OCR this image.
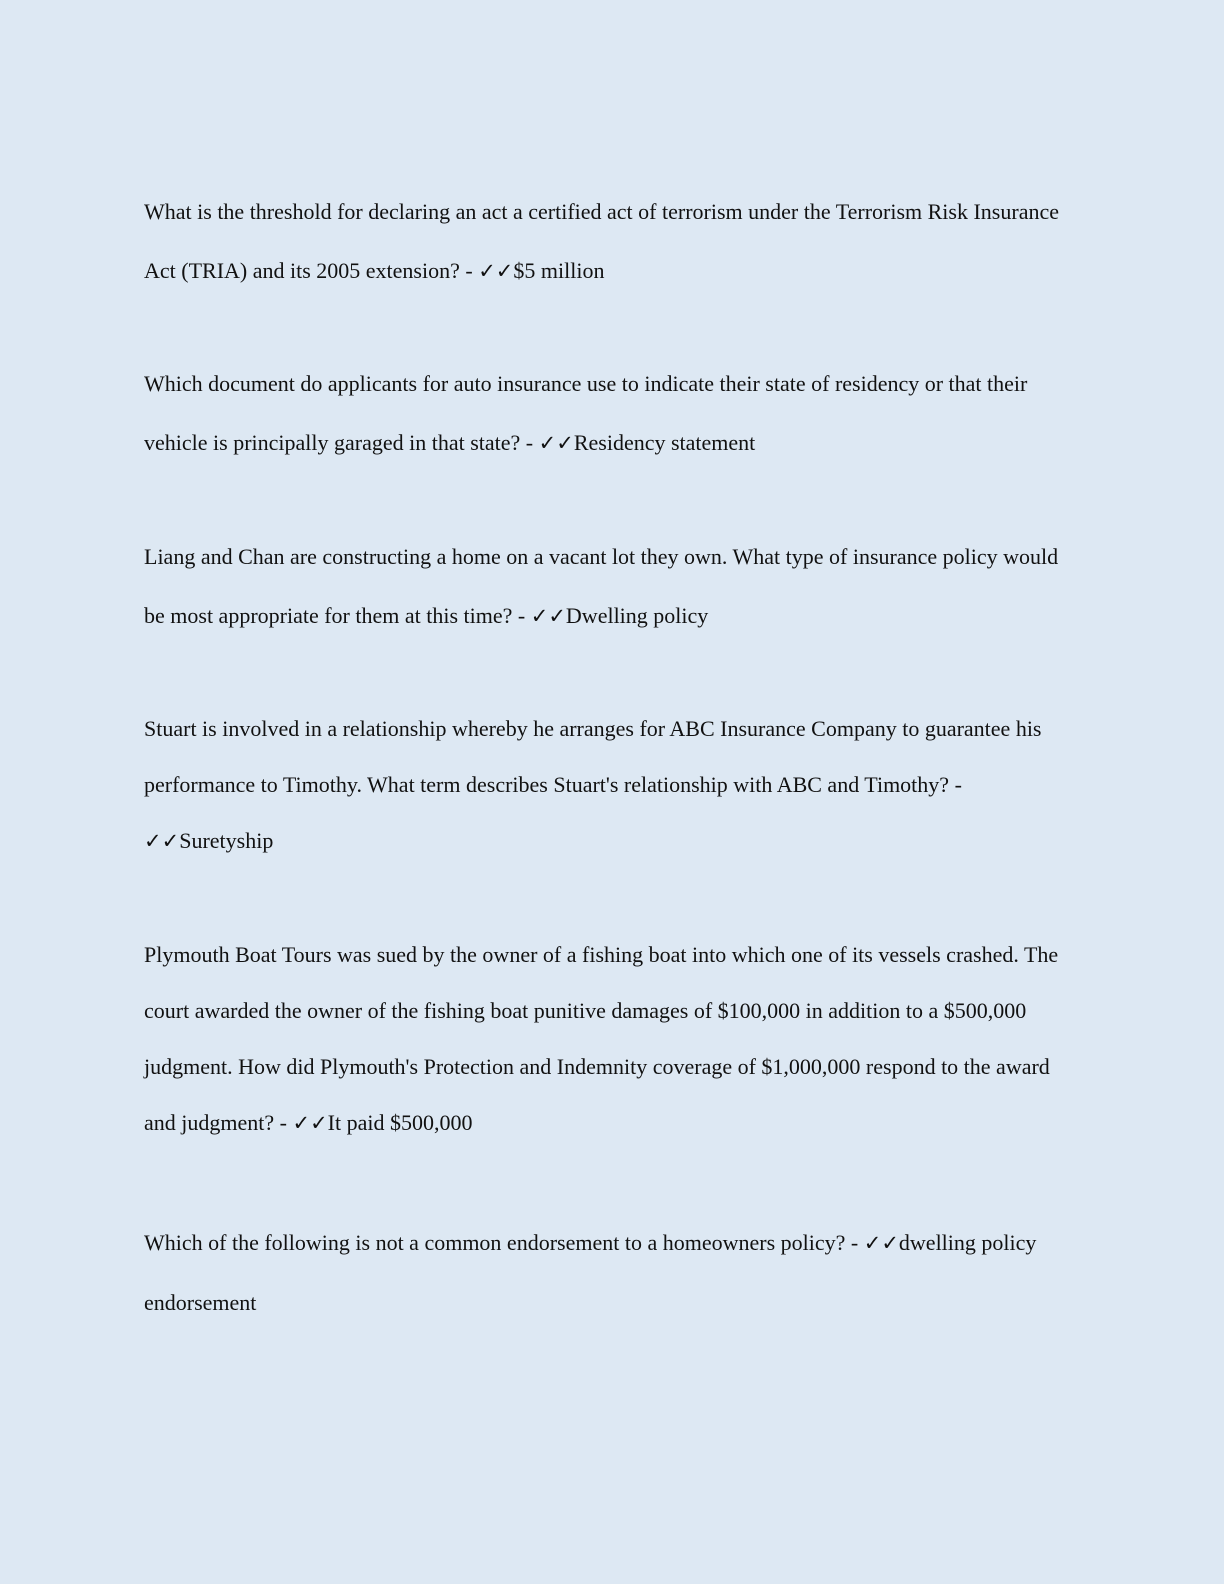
What is the threshold for declaring an act a certified act of terrorism under the Terrorism Risk Insurance Act (TRIA) and its 2005 extension? - ✓✓$5 million

Which document do applicants for auto insurance use to indicate their state of residency or that their vehicle is principally garaged in that state? - ✓✓Residency statement

Liang and Chan are constructing a home on a vacant lot they own. What type of insurance policy would be most appropriate for them at this time? - ✓✓Dwelling policy

Stuart is involved in a relationship whereby he arranges for ABC Insurance Company to guarantee his performance to Timothy. What term describes Stuart's relationship with ABC and Timothy? - ✓✓Suretyship

Plymouth Boat Tours was sued by the owner of a fishing boat into which one of its vessels crashed. The court awarded the owner of the fishing boat punitive damages of $100,000 in addition to a $500,000 judgment. How did Plymouth's Protection and Indemnity coverage of $1,000,000 respond to the award and judgment? - ✓✓It paid $500,000

Which of the following is not a common endorsement to a homeowners policy? - ✓✓dwelling policy endorsement
